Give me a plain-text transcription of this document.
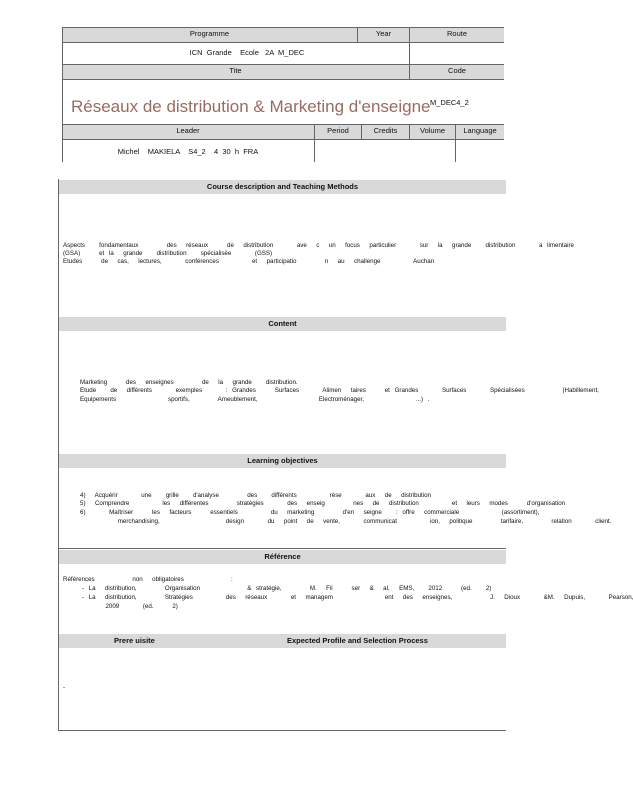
Programme	Year	Route
ICN  Grande    Ecole   2A  M_DEC
Tite	Code
Réseaux de distribution & Marketing d'enseigne M_DEC4_2
Leader	Period	Credits	Volume	Language
Michel    MAKIELA    S4_2    4  30  h  FRA
Course description and Teaching Methods
Aspects   fondamentaux      des  réseaux    de  distribution     ave  c  un  focus  particulier     sur  la  grande   distribution     a limentaire
(GSA)    et la  grande   distribution   spécialisée     (GSS)
Etudes    de  cas,  lectures,     conférences       et  participatio      n  au  challenge       Auchan
Content
Marketing    des  enseignes      de  la  grande   distribution.
Etude   de  différents     exemples     : Grandes    Surfaces     Alimen  taires    et Grandes     Surfaces     Spécialisées        (Habillement,
Equipements           sportifs,      Ameublement,             Electroménager,           ...) .
Learning objectives
4)  Acquérir     une   grille   d'analyse      des   différents       rése     aux  de  distribution
5)  Comprendre       les  différentes      stratégies     des  enseig      nes  de  distribution       et  leurs  modes    d'organisation
6)     Maîtriser    les  facteurs    essentiels       du  marketing      d'en  seigne   : offre  commerciale         (assortiment),
merchandising,              design     du  point  de  vente,     communicat       ion,  politique      tarifaire,      relation     client.
Référence
Références        non  obligatoires          :
- La  distribution,      Organisation          & stratégie,      M.  Fil    ser  &  al,  EMS,   2012    (ed.   2)
- La  distribution,      Stratégies       des  réseaux     et  managem           ent  des  enseignes,        J.  Dioux     &M.  Dupuis,     Pearson,
2009     (ed.    2)
Prere uisite	Expected Profile and Selection Process
-
